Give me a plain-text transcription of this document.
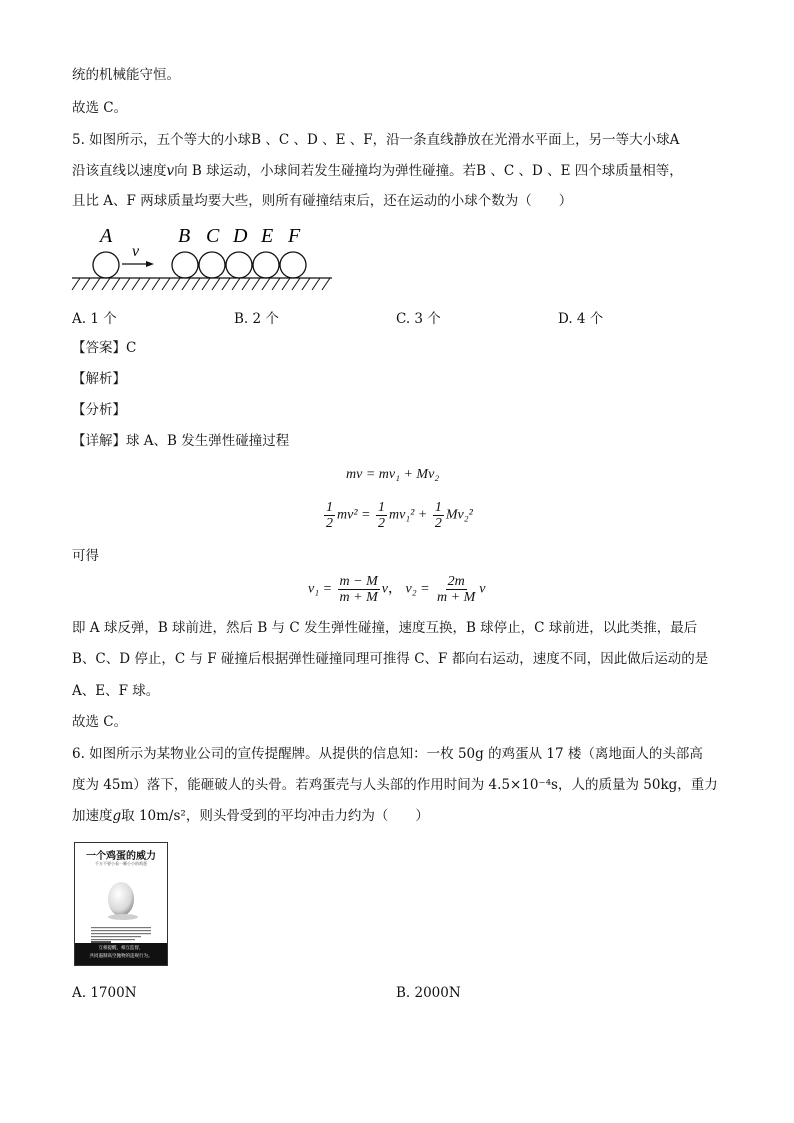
统的机械能守恒。
故选 C。
5. 如图所示，五个等大的小球B 、C 、D 、E 、F，沿一条直线静放在光滑水平面上，另一等大小球A
沿该直线以速度v向 B 球运动，小球间若发生碰撞均为弹性碰撞。若B 、C 、D 、E 四个球质量相等，
且比 A、F 两球质量均要大些，则所有碰撞结束后，还在运动的小球个数为（　　）
A
v
B C D E F
A. 1 个	B. 2 个	C. 3 个	D. 4 个
【答案】C
【解析】
【分析】
【详解】球 A、B 发生弹性碰撞过程
mv = mv₁ + Mv₂
$\frac{1}{2} mv^2 = \frac{1}{2} mv_1^2 + \frac{1}{2} Mv_2^2$
可得
$v_1 = \frac{m - M}{m + M}$ v， $v_2 = \frac{2m}{m + M}$ v
即 A 球反弹，B 球前进，然后 B 与 C 发生弹性碰撞，速度互换，B 球停止，C 球前进，以此类推，最后
B、C、D 停止，C 与 F 碰撞后根据弹性碰撞同理可推得 C、F 都向右运动，速度不同，因此做后运动的是
A、E、F 球。
故选 C。
6. 如图所示为某物业公司的宣传提醒牌。从提供的信息知：一枚 50g 的鸡蛋从 17 楼（离地面人的头部高
度为 45m）落下，能砸破人的头骨。若鸡蛋壳与人头部的作用时间为 4.5×10⁻⁴s，人的质量为 50kg，重力
加速度g取 10m/s²，则头骨受到的平均冲击力约为（　　）
一个鸡蛋的威力
千万不要小看一颗小小的鸡蛋
互相提醒，相互监督，
共同遏制高空抛物的违规行为。
A. 1700N	B. 2000N
